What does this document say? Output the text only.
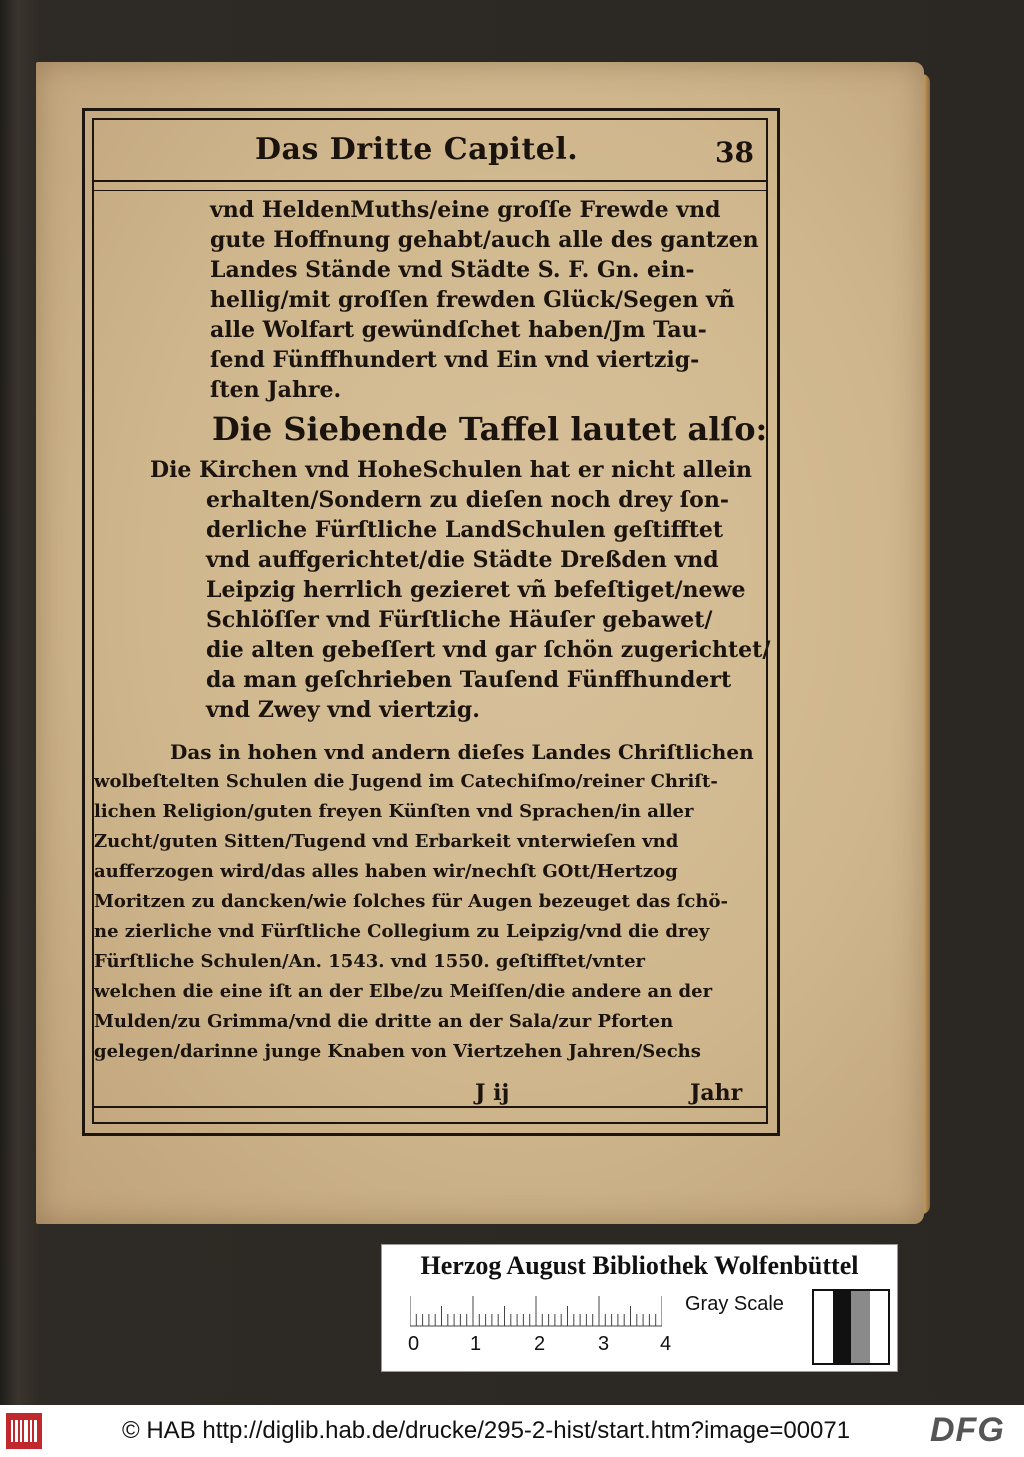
Das Dritte Capitel.	38
vnd HeldenMuths/eine groſſe Frewde vnd
gute Hoffnung gehabt/auch alle des gantzen
Landes Stände vnd Städte S. F. Gn. ein-
hellig/mit groſſen frewden Glück/Segen vñ
alle Wolfart gewündſchet haben/Jm Tau-
ſend Fünffhundert vnd Ein vnd viertzig-
ſten Jahre.
Die Siebende Taffel lautet alſo:
Die Kirchen vnd HoheSchulen hat er nicht allein
erhalten/Sondern zu dieſen noch drey ſon-
derliche Fürſtliche LandSchulen geſtifftet
vnd auffgerichtet/die Städte Dreßden vnd
Leipzig herrlich gezieret vñ befeſtiget/newe
Schlöſſer vnd Fürſtliche Häuſer gebawet/
die alten gebeſſert vnd gar ſchön zugerichtet/
da man geſchrieben Tauſend Fünffhundert
vnd Zwey vnd viertzig.
Das in hohen vnd andern dieſes Landes Chriſtlichen
wolbeſtelten Schulen die Jugend im Catechiſmo/reiner Chriſt-
lichen Religion/guten freyen Künſten vnd Sprachen/in aller
Zucht/guten Sitten/Tugend vnd Erbarkeit vnterwieſen vnd
aufferzogen wird/das alles haben wir/nechſt GOtt/Hertzog
Moritzen zu dancken/wie ſolches für Augen bezeuget das ſchö-
ne zierliche vnd Fürſtliche Collegium zu Leipzig/vnd die drey
Fürſtliche Schulen/An. 1543. vnd 1550. geſtifftet/vnter
welchen die eine iſt an der Elbe/zu Meiſſen/die andere an der
Mulden/zu Grimma/vnd die dritte an der Sala/zur Pforten
gelegen/darinne junge Knaben von Viertzehen Jahren/Sechs
J ij	Jahr
Herzog August Bibliothek Wolfenbüttel
0	1	2	3	4
Gray Scale
© HAB http://diglib.hab.de/drucke/295-2-hist/start.htm?image=00071 DFG
